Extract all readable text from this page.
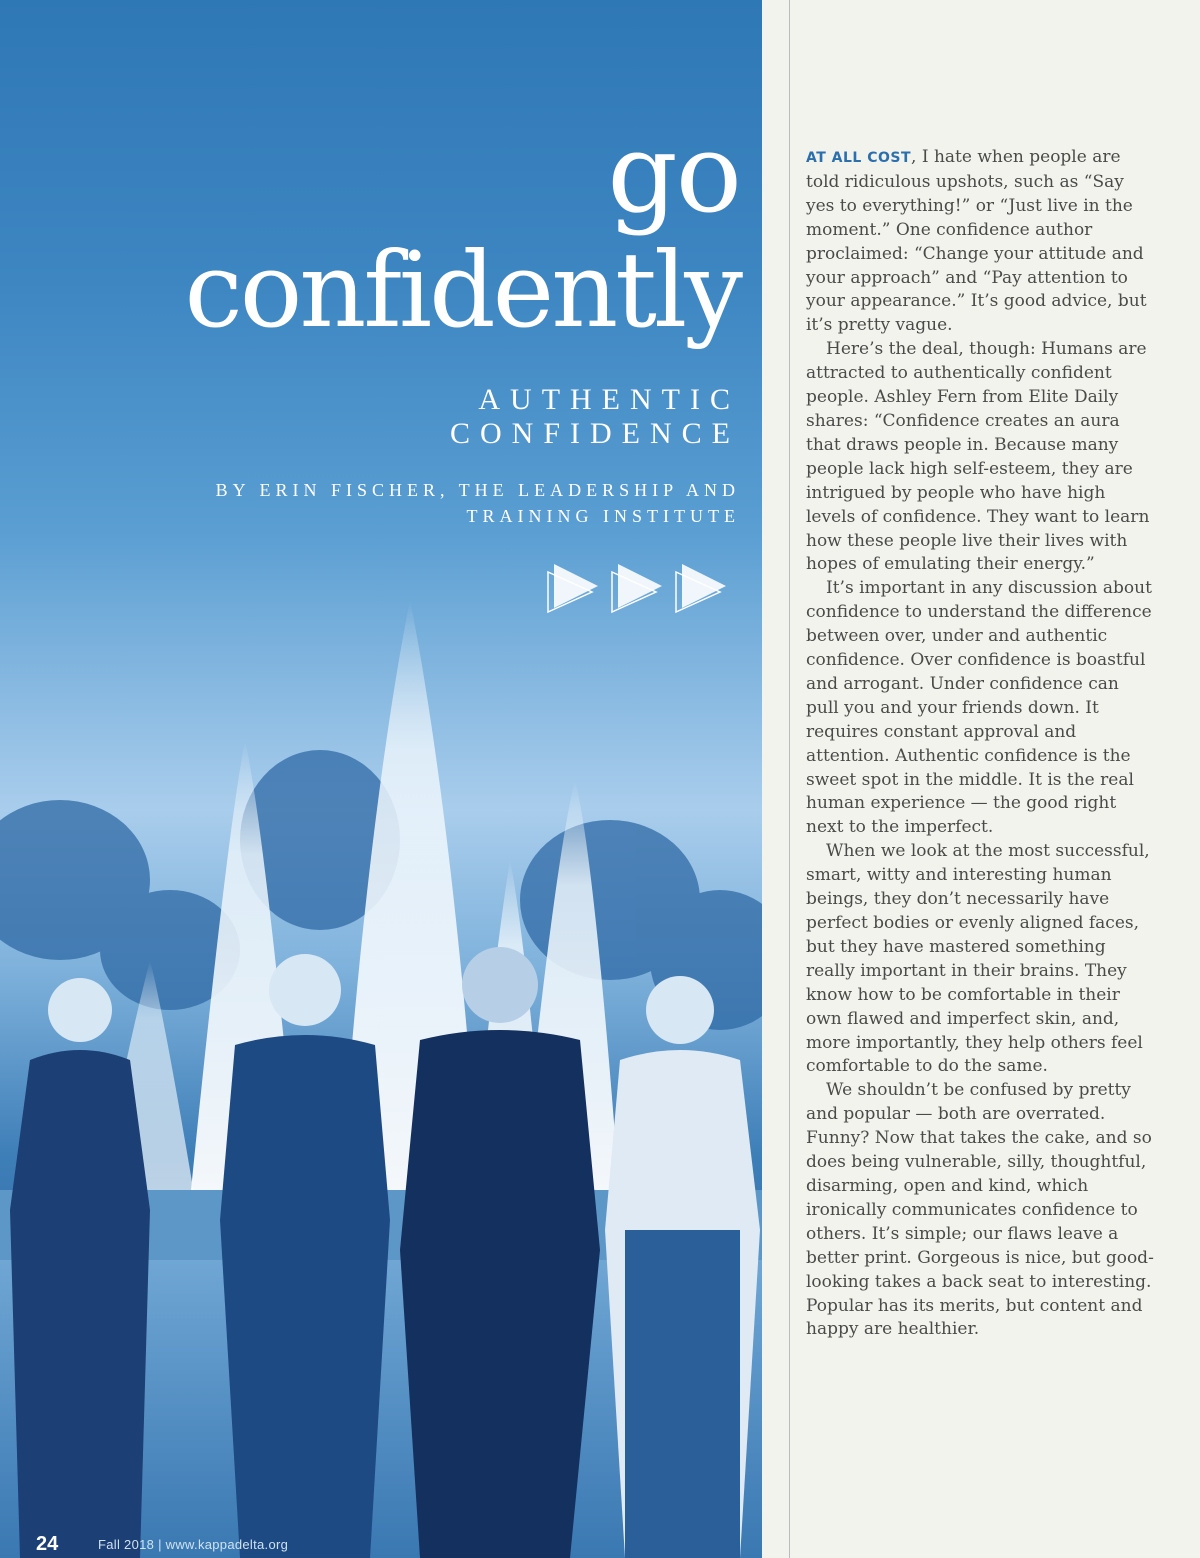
go
confidently
AUTHENTIC CONFIDENCE
BY ERIN FISCHER, THE LEADERSHIP AND TRAINING INSTITUTE
24	Fall 2018 | www.kappadelta.org

AT ALL COST, I hate when people are told ridiculous upshots, such as “Say yes to everything!” or “Just live in the moment.” One confidence author proclaimed: “Change your attitude and your approach” and “Pay attention to your appearance.” It’s good advice, but it’s pretty vague.

Here’s the deal, though: Humans are attracted to authentically confident people. Ashley Fern from Elite Daily shares: “Confidence creates an aura that draws people in. Because many people lack high self-esteem, they are intrigued by people who have high levels of confidence. They want to learn how these people live their lives with hopes of emulating their energy.”

It’s important in any discussion about confidence to understand the difference between over, under and authentic confidence. Over confidence is boastful and arrogant. Under confidence can pull you and your friends down. It requires constant approval and attention. Authentic confidence is the sweet spot in the middle. It is the real human experience — the good right next to the imperfect.

When we look at the most successful, smart, witty and interesting human beings, they don’t necessarily have perfect bodies or evenly aligned faces, but they have mastered something really important in their brains. They know how to be comfortable in their own flawed and imperfect skin, and, more importantly, they help others feel comfortable to do the same.

We shouldn’t be confused by pretty and popular — both are overrated. Funny? Now that takes the cake, and so does being vulnerable, silly, thoughtful, disarming, open and kind, which ironically communicates confidence to others. It’s simple; our flaws leave a better print. Gorgeous is nice, but good-looking takes a back seat to interesting. Popular has its merits, but content and happy are healthier.
